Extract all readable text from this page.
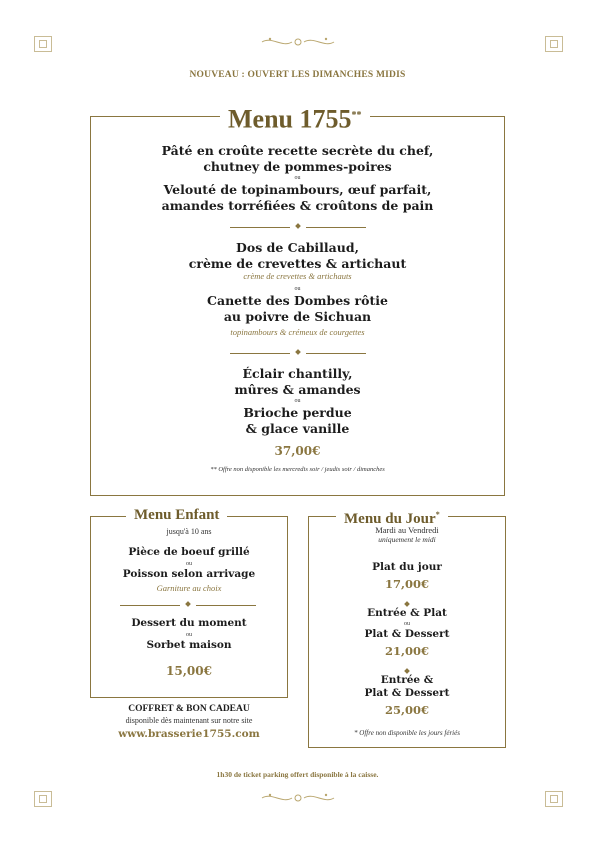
NOUVEAU : OUVERT LES DIMANCHES MIDIS
Menu 1755**
Pâté en croûte recette secrète du chef,
chutney de pommes-poires
ou
Velouté de topinambours, œuf parfait,
amandes torréfiées & croûtons de pain
Dos de Cabillaud,
crème de crevettes & artichaut
crème de crevettes & artichauts
ou
Canette des Dombes rôtie
au poivre de Sichuan
topinambours & crémeux de courgettes
Éclair chantilly,
mûres & amandes
ou
Brioche perdue
& glace vanille
37,00€
** Offre non disponible les mercredis soir / jeudis soir / dimanches
Menu Enfant
jusqu'à 10 ans
Pièce de boeuf grillé
ou
Poisson selon arrivage
Garniture au choix
Dessert du moment
ou
Sorbet maison
15,00€
COFFRET & BON CADEAU
disponible dès maintenant sur notre site
www.brasserie1755.com
Menu du Jour*
Mardi au Vendredi
uniquement le midi
Plat du jour
17,00€
Entrée & Plat
ou
Plat & Dessert
21,00€
Entrée &
Plat & Dessert
25,00€
* Offre non disponible les jours fériés
1h30 de ticket parking offert disponible à la caisse.
